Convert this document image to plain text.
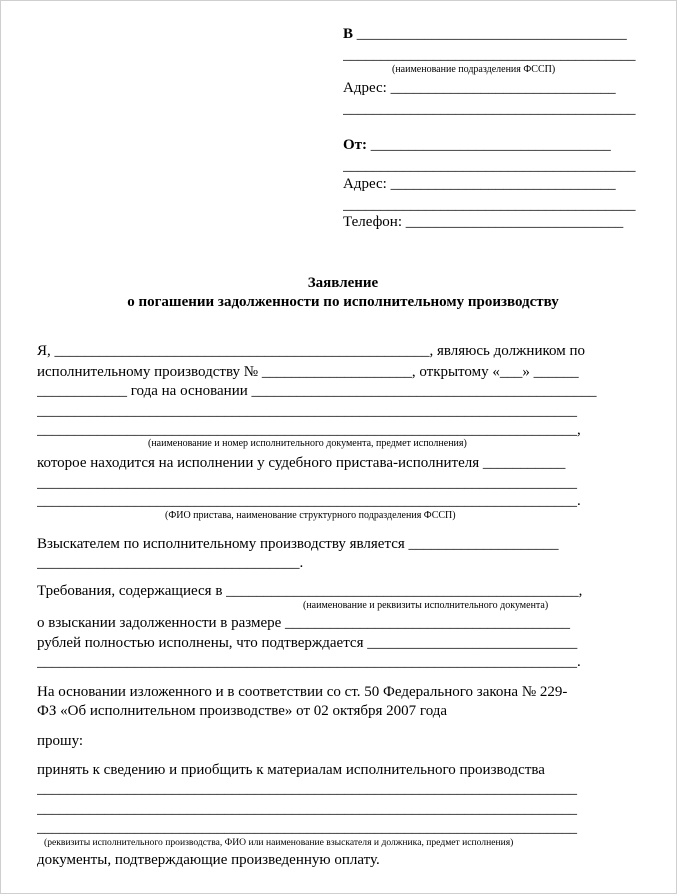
В ____________________________________
_______________________________________
(наименование подразделения ФССП)
Адрес: ______________________________
_______________________________________
От: ________________________________
_______________________________________
Адрес: ______________________________
_______________________________________
Телефон: _____________________________
Заявление
о погашении задолженности по исполнительному производству
Я, __________________________________________________, являюсь должником по
исполнительному производству № ____________________, открытому «___» ______
____________ года на основании ______________________________________________
________________________________________________________________________
________________________________________________________________________,
(наименование и номер исполнительного документа, предмет исполнения)
которое находится на исполнении у судебного пристава-исполнителя ___________
________________________________________________________________________
________________________________________________________________________.
(ФИО пристава, наименование структурного подразделения ФССП)
Взыскателем по исполнительному производству является ____________________
___________________________________.
Требования, содержащиеся в _______________________________________________,
(наименование и реквизиты исполнительного документа)
о взыскании задолженности в размере ______________________________________
рублей полностью исполнены, что подтверждается ____________________________
________________________________________________________________________.
На основании изложенного и в соответствии со ст. 50 Федерального закона № 229-
ФЗ «Об исполнительном производстве» от 02 октября 2007 года
прошу:
принять к сведению и приобщить к материалам исполнительного производства
________________________________________________________________________
________________________________________________________________________
________________________________________________________________________
(реквизиты исполнительного производства, ФИО или наименование взыскателя и должника, предмет исполнения)
документы, подтверждающие произведенную оплату.
